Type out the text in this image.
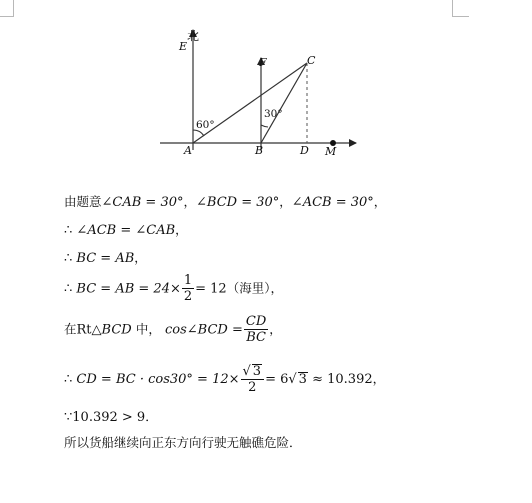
北
E
F	C
A	B	D M
60°
30°
由题意∠CAB = 30°，∠BCD = 30°，∠ACB = 30°，
∴ ∠ACB = ∠CAB，
∴ BC = AB，
∴ BC = AB = $24\times \frac{1}{2} = 12$（海里），
在Rt△BCD 中， cos∠BCD = $\frac{CD}{BC}$ ，
∴ CD = BC · $\cos 30^\circ = 12\times \frac{√ 3}{2} = 6√$ 3 ≈ 10.392，
∵10.392 > 9．
所以货船继续向正东方向行驶无触礁危险．
